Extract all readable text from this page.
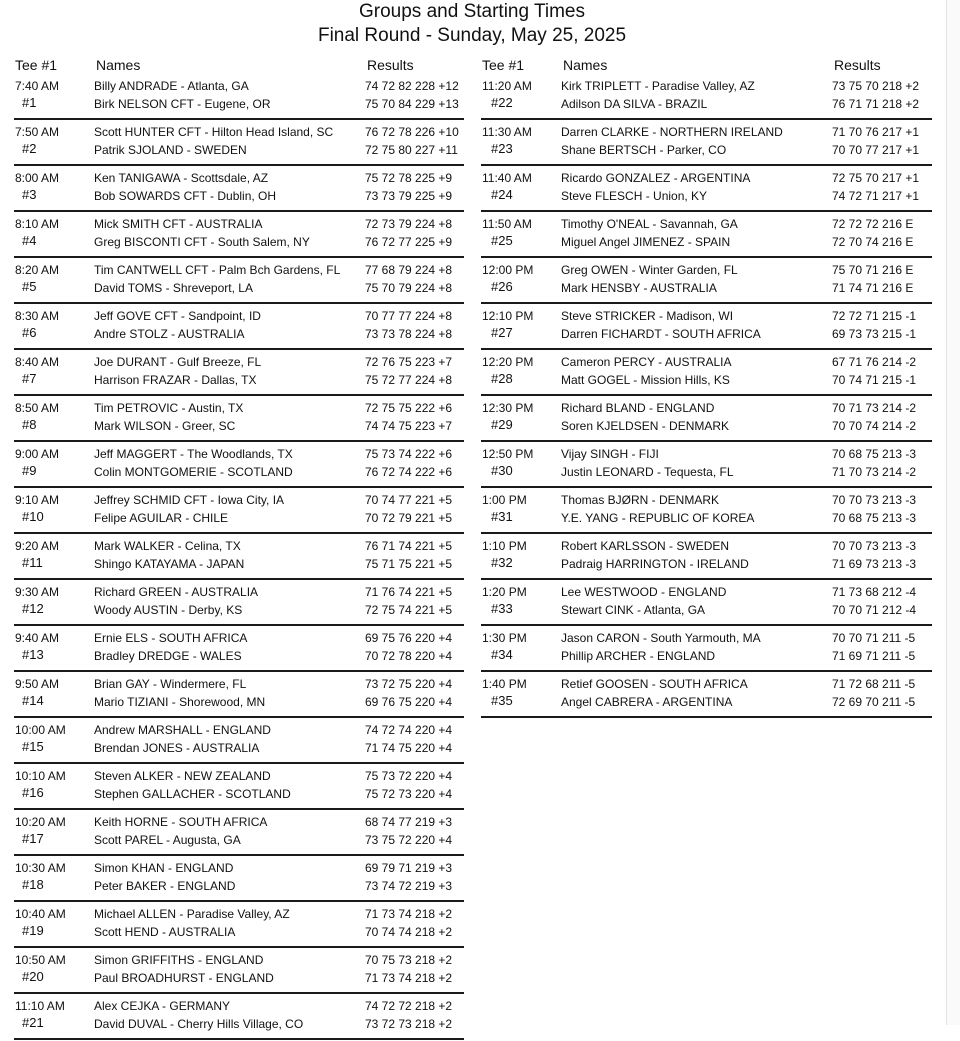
Groups and Starting Times
Final Round - Sunday, May 25, 2025
Tee #1	Names	Results
7:40 AM
#1
Billy ANDRADE - Atlanta, GA	74 72 82 228 +12
Birk NELSON CFT - Eugene, OR	75 70 84 229 +13
7:50 AM
#2
Scott HUNTER CFT - Hilton Head Island, SC	76 72 78 226 +10
Patrik SJOLAND - SWEDEN	72 75 80 227 +11
8:00 AM
#3
Ken TANIGAWA - Scottsdale, AZ	75 72 78 225 +9
Bob SOWARDS CFT - Dublin, OH	73 73 79 225 +9
8:10 AM
#4
Mick SMITH CFT - AUSTRALIA	72 73 79 224 +8
Greg BISCONTI CFT - South Salem, NY	76 72 77 225 +9
8:20 AM
#5
Tim CANTWELL CFT - Palm Bch Gardens, FL 77 68 79 224 +8
David TOMS - Shreveport, LA	75 70 79 224 +8
8:30 AM
#6
Jeff GOVE CFT - Sandpoint, ID	70 77 77 224 +8
Andre STOLZ - AUSTRALIA	73 73 78 224 +8
8:40 AM
#7
Joe DURANT - Gulf Breeze, FL	72 76 75 223 +7
Harrison FRAZAR - Dallas, TX	75 72 77 224 +8
8:50 AM
#8
Tim PETROVIC - Austin, TX	72 75 75 222 +6
Mark WILSON - Greer, SC	74 74 75 223 +7
9:00 AM
#9
Jeff MAGGERT - The Woodlands, TX	75 73 74 222 +6
Colin MONTGOMERIE - SCOTLAND	76 72 74 222 +6
9:10 AM
#10
Jeffrey SCHMID CFT - Iowa City, IA	70 74 77 221 +5
Felipe AGUILAR - CHILE	70 72 79 221 +5
9:20 AM
#11
Mark WALKER - Celina, TX	76 71 74 221 +5
Shingo KATAYAMA - JAPAN	75 71 75 221 +5
9:30 AM
#12
Richard GREEN - AUSTRALIA	71 76 74 221 +5
Woody AUSTIN - Derby, KS	72 75 74 221 +5
9:40 AM
#13
Ernie ELS - SOUTH AFRICA	69 75 76 220 +4
Bradley DREDGE - WALES	70 72 78 220 +4
9:50 AM
#14
Brian GAY - Windermere, FL	73 72 75 220 +4
Mario TIZIANI - Shorewood, MN	69 76 75 220 +4
10:00 AM
#15
Andrew MARSHALL - ENGLAND	74 72 74 220 +4
Brendan JONES - AUSTRALIA	71 74 75 220 +4
10:10 AM
#16
Steven ALKER - NEW ZEALAND	75 73 72 220 +4
Stephen GALLACHER - SCOTLAND	75 72 73 220 +4
10:20 AM
#17
Keith HORNE - SOUTH AFRICA	68 74 77 219 +3
Scott PAREL - Augusta, GA	73 75 72 220 +4
10:30 AM
#18
Simon KHAN - ENGLAND	69 79 71 219 +3
Peter BAKER - ENGLAND	73 74 72 219 +3
10:40 AM
#19
Michael ALLEN - Paradise Valley, AZ	71 73 74 218 +2
Scott HEND - AUSTRALIA	70 74 74 218 +2
10:50 AM
#20
Simon GRIFFITHS - ENGLAND	70 75 73 218 +2
Paul BROADHURST - ENGLAND	71 73 74 218 +2
11:10 AM
#21
Alex CEJKA - GERMANY	74 72 72 218 +2
David DUVAL - Cherry Hills Village, CO	73 72 73 218 +2
Tee #1	Names	Results
11:20 AM
#22
Kirk TRIPLETT - Paradise Valley, AZ	73 75 70 218 +2
Adilson DA SILVA - BRAZIL	76 71 71 218 +2
11:30 AM
#23
Darren CLARKE - NORTHERN IRELAND	71 70 76 217 +1
Shane BERTSCH - Parker, CO	70 70 77 217 +1
11:40 AM
#24
Ricardo GONZALEZ - ARGENTINA	72 75 70 217 +1
Steve FLESCH - Union, KY	74 72 71 217 +1
11:50 AM
#25
Timothy O'NEAL - Savannah, GA	72 72 72 216 E
Miguel Angel JIMENEZ - SPAIN	72 70 74 216 E
12:00 PM
#26
Greg OWEN - Winter Garden, FL	75 70 71 216 E
Mark HENSBY - AUSTRALIA	71 74 71 216 E
12:10 PM
#27
Steve STRICKER - Madison, WI	72 72 71 215 -1
Darren FICHARDT - SOUTH AFRICA	69 73 73 215 -1
12:20 PM
#28
Cameron PERCY - AUSTRALIA	67 71 76 214 -2
Matt GOGEL - Mission Hills, KS	70 74 71 215 -1
12:30 PM
#29
Richard BLAND - ENGLAND	70 71 73 214 -2
Soren KJELDSEN - DENMARK	70 70 74 214 -2
12:50 PM
#30
Vijay SINGH - FIJI	70 68 75 213 -3
Justin LEONARD - Tequesta, FL	71 70 73 214 -2
1:00 PM
#31
Thomas BJØRN - DENMARK	70 70 73 213 -3
Y.E. YANG - REPUBLIC OF KOREA	70 68 75 213 -3
1:10 PM
#32
Robert KARLSSON - SWEDEN	70 70 73 213 -3
Padraig HARRINGTON - IRELAND	71 69 73 213 -3
1:20 PM
#33
Lee WESTWOOD - ENGLAND	71 73 68 212 -4
Stewart CINK - Atlanta, GA	70 70 71 212 -4
1:30 PM
#34
Jason CARON - South Yarmouth, MA	70 70 71 211 -5
Phillip ARCHER - ENGLAND	71 69 71 211 -5
1:40 PM
#35
Retief GOOSEN - SOUTH AFRICA	71 72 68 211 -5
Angel CABRERA - ARGENTINA	72 69 70 211 -5
